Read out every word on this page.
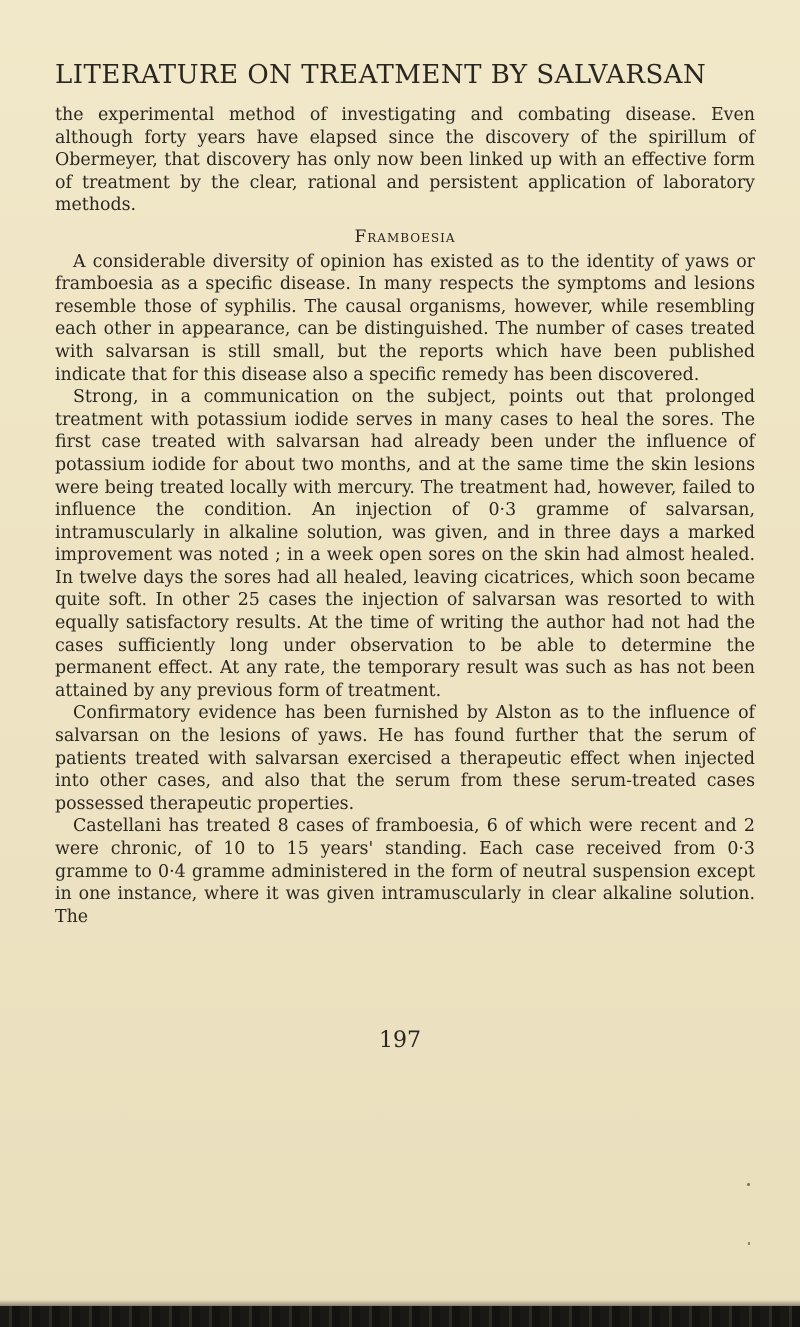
LITERATURE ON TREATMENT BY SALVARSAN

the experimental method of investigating and combating disease. Even although forty years have elapsed since the discovery of the spirillum of Obermeyer, that discovery has only now been linked up with an effective form of treatment by the clear, rational and persistent application of laboratory methods.

Framboesia

A considerable diversity of opinion has existed as to the identity of yaws or framboesia as a specific disease. In many respects the symptoms and lesions resemble those of syphilis. The causal organisms, however, while resembling each other in appearance, can be distinguished. The number of cases treated with salvarsan is still small, but the reports which have been published indicate that for this disease also a specific remedy has been discovered.

Strong, in a communication on the subject, points out that prolonged treatment with potassium iodide serves in many cases to heal the sores. The first case treated with salvarsan had already been under the influence of potassium iodide for about two months, and at the same time the skin lesions were being treated locally with mercury. The treatment had, however, failed to influence the condition. An injection of 0·3 gramme of salvarsan, intramuscularly in alkaline solution, was given, and in three days a marked improvement was noted ; in a week open sores on the skin had almost healed. In twelve days the sores had all healed, leaving cicatrices, which soon became quite soft. In other 25 cases the injection of salvarsan was resorted to with equally satisfactory results. At the time of writing the author had not had the cases sufficiently long under observation to be able to determine the permanent effect. At any rate, the temporary result was such as has not been attained by any previous form of treatment.

Confirmatory evidence has been furnished by Alston as to the influence of salvarsan on the lesions of yaws. He has found further that the serum of patients treated with salvarsan exercised a therapeutic effect when injected into other cases, and also that the serum from these serum-treated cases possessed therapeutic properties.

Castellani has treated 8 cases of framboesia, 6 of which were recent and 2 were chronic, of 10 to 15 years' standing. Each case received from 0·3 gramme to 0·4 gramme administered in the form of neutral suspension except in one instance, where it was given intramuscularly in clear alkaline solution. The

197
